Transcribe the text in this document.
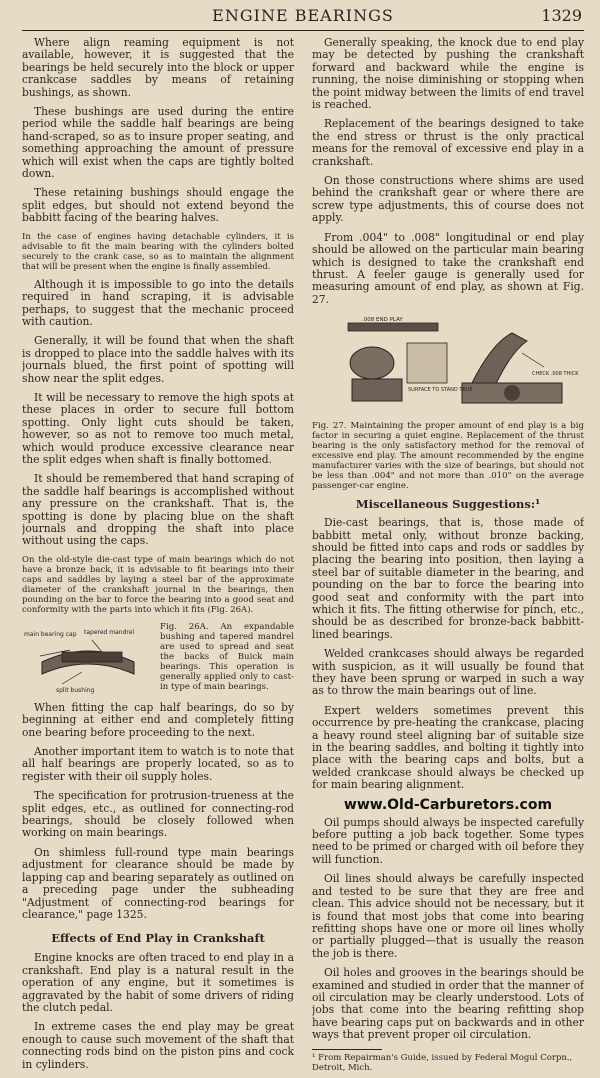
ENGINE BEARINGS	1329

Where align reaming equipment is not available, however, it is suggested that the bearings be held securely into the block or upper crankcase saddles by means of retaining bushings, as shown.

These bushings are used during the entire period while the saddle half bearings are being hand-scraped, so as to insure proper seating, and something approaching the amount of pressure which will exist when the caps are tightly bolted down.

These retaining bushings should engage the split edges, but should not extend beyond the babbitt facing of the bearing halves.

In the case of engines having detachable cylinders, it is advisable to fit the main bearing with the cylinders bolted securely to the crank case, so as to maintain the alignment that will be present when the engine is finally assembled.

Although it is impossible to go into the details required in hand scraping, it is advisable perhaps, to suggest that the mechanic proceed with caution.

Generally, it will be found that when the shaft is dropped to place into the saddle halves with its journals blued, the first point of spotting will show near the split edges.

It will be necessary to remove the high spots at these places in order to secure full bottom spotting. Only light cuts should be taken, however, so as not to remove too much metal, which would produce excessive clearance near the split edges when shaft is finally bottomed.

It should be remembered that hand scraping of the saddle half bearings is accomplished without any pressure on the crankshaft. That is, the spotting is done by placing blue on the shaft journals and dropping the shaft into place without using the caps.

On the old-style die-cast type of main bearings which do not have a bronze back, it is advisable to fit bearings into their caps and saddles by laying a steel bar of the approximate diameter of the crankshaft journal in the bearings, then pounding on the bar to force the bearing into a good seat and conformity with the parts into which it fits (Fig. 26A).

main bearing cap tapered mandrel
split bushing
Fig. 26A. An expandable bushing and tapered mandrel are used to spread and seat the backs of Buick main bearings. This operation is generally applied only to cast-in type of main bearings.

When fitting the cap half bearings, do so by beginning at either end and completely fitting one bearing before proceeding to the next.

Another important item to watch is to note that all half bearings are properly located, so as to register with their oil supply holes.

The specification for protrusion-trueness at the split edges, etc., as outlined for connecting-rod bearings, should be closely followed when working on main bearings.

On shimless full-round type main bearings adjustment for clearance should be made by lapping cap and bearing separately as outlined on a preceding page under the subheading "Adjustment of connecting-rod bearings for clearance," page 1325.

Effects of End Play in Crankshaft

Engine knocks are often traced to end play in a crankshaft. End play is a natural result in the operation of any engine, but it sometimes is aggravated by the habit of some drivers of riding the clutch pedal.

In extreme cases the end play may be great enough to cause such movement of the shaft that connecting rods bind on the piston pins and cock in cylinders.

Generally speaking, the knock due to end play may be detected by pushing the crankshaft forward and backward while the engine is running, the noise diminishing or stopping when the point midway between the limits of end travel is reached.

Replacement of the bearings designed to take the end stress or thrust is the only practical means for the removal of excessive end play in a crankshaft.

On those constructions where shims are used behind the crankshaft gear or where there are screw type adjustments, this of course does not apply.

From .004" to .008" longitudinal or end play should be allowed on the particular main bearing which is designed to take the crankshaft end thrust. A feeler gauge is generally used for measuring amount of end play, as shown at Fig. 27.

.008 END PLAY
SURFACE TO STAND TRUE
CHECK .008 THICK
Fig. 27. Maintaining the proper amount of end play is a big factor in securing a quiet engine. Replacement of the thrust bearing is the only satisfactory method for the removal of excessive end play. The amount recommended by the engine manufacturer varies with the size of bearings, but should not be less than .004" and not more than .010" on the average passenger-car engine.
Miscellaneous Suggestions:¹

Die-cast bearings, that is, those made of babbitt metal only, without bronze backing, should be fitted into caps and rods or saddles by placing the bearing into position, then laying a steel bar of suitable diameter in the bearing, and pounding on the bar to force the bearing into good seat and conformity with the part into which it fits. The fitting otherwise for pinch, etc., should be as described for bronze-back babbitt-lined bearings.

Welded crankcases should always be regarded with suspicion, as it will usually be found that they have been sprung or warped in such a way as to throw the main bearings out of line.

Expert welders sometimes prevent this occurrence by pre-heating the crankcase, placing a heavy round steel aligning bar of suitable size in the bearing saddles, and bolting it tightly into place with the bearing caps and bolts, but a welded crankcase should always be checked up for main bearing alignment.

www.Old-Carburetors.com

Oil pumps should always be inspected carefully before putting a job back together. Some types need to be primed or charged with oil before they will function.

Oil lines should always be carefully inspected and tested to be sure that they are free and clean. This advice should not be necessary, but it is found that most jobs that come into bearing refitting shops have one or more oil lines wholly or partially plugged—that is usually the reason the job is there.

Oil holes and grooves in the bearings should be examined and studied in order that the manner of oil circulation may be clearly understood. Lots of jobs that come into the bearing refitting shop have bearing caps put on backwards and in other ways that prevent proper oil circulation.

¹ From Repairman's Guide, issued by Federal Mogul Corpn., Detroit, Mich.
